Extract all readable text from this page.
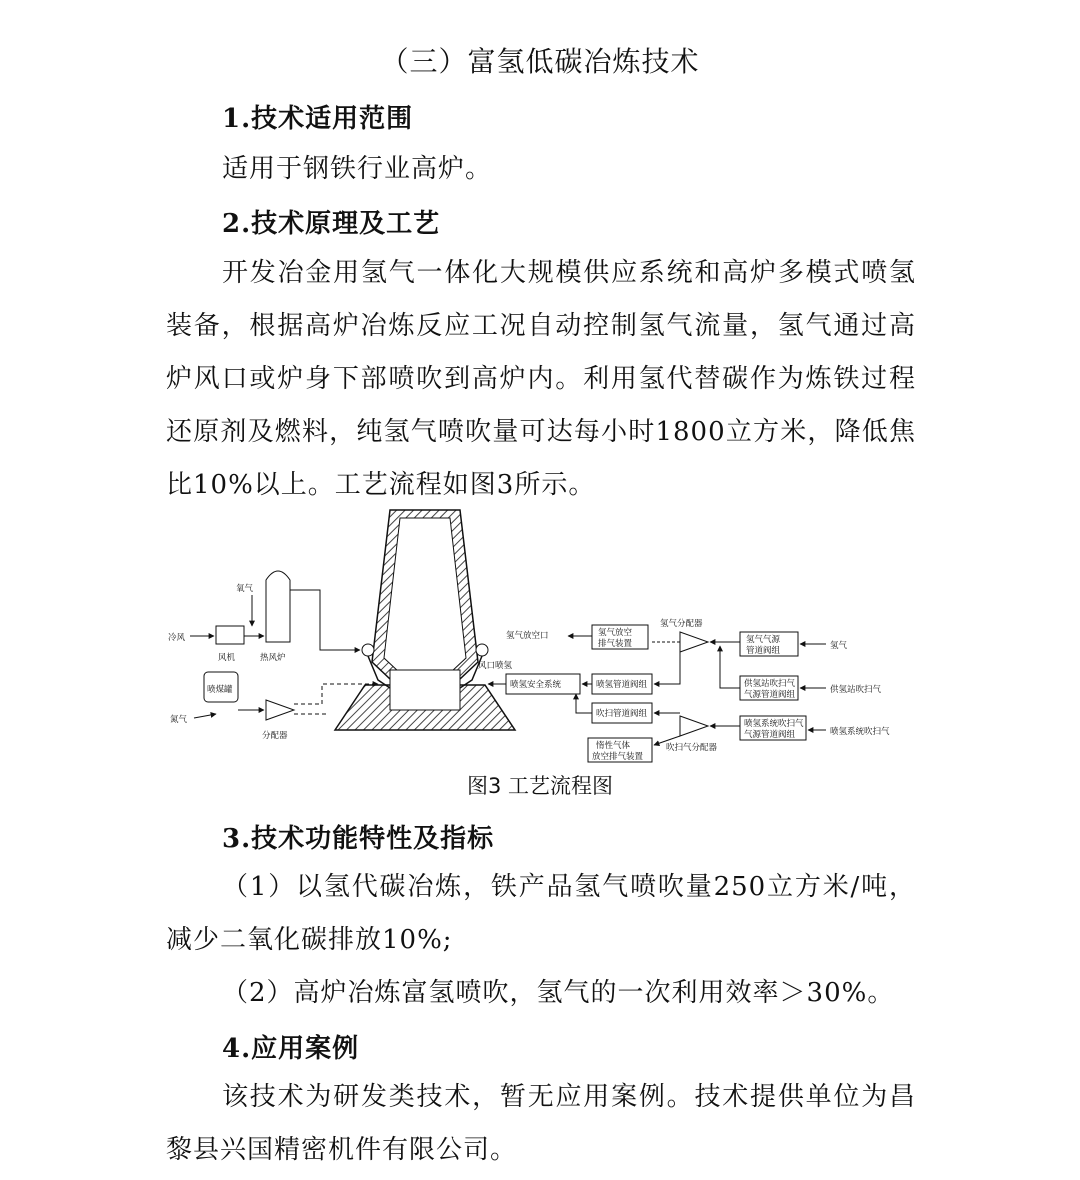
（三）富氢低碳冶炼技术
1.技术适用范围
适用于钢铁行业高炉。
2.技术原理及工艺
开发冶金用氢气一体化大规模供应系统和高炉多模式喷氢装备，根据高炉冶炼反应工况自动控制氢气流量，氢气通过高炉风口或炉身下部喷吹到高炉内。利用氢代替碳作为炼铁过程还原剂及燃料，纯氢气喷吹量可达每小时1800立方米，降低焦比10%以上。工艺流程如图3所示。
冷风
风机
氧气
热风炉
喷煤罐
氮气
分配器
风口喷氢
氢气放空口	氢气放空
排气装置
氢气分配器
氢气气源
管道阀组	氢气
喷氢安全系统	喷氢管道阀组	供氢站吹扫气
气源管道阀组	供氢站吹扫气
吹扫管道阀组
吹扫气分配器
喷氢系统吹扫气
气源管道阀组	喷氢系统吹扫气
惰性气体
放空排气装置
图3 工艺流程图
3.技术功能特性及指标
（1）以氢代碳冶炼，铁产品氢气喷吹量250立方米/吨，减少二氧化碳排放10%;
（2）高炉冶炼富氢喷吹，氢气的一次利用效率＞30%。
4.应用案例
该技术为研发类技术，暂无应用案例。技术提供单位为昌黎县兴国精密机件有限公司。
